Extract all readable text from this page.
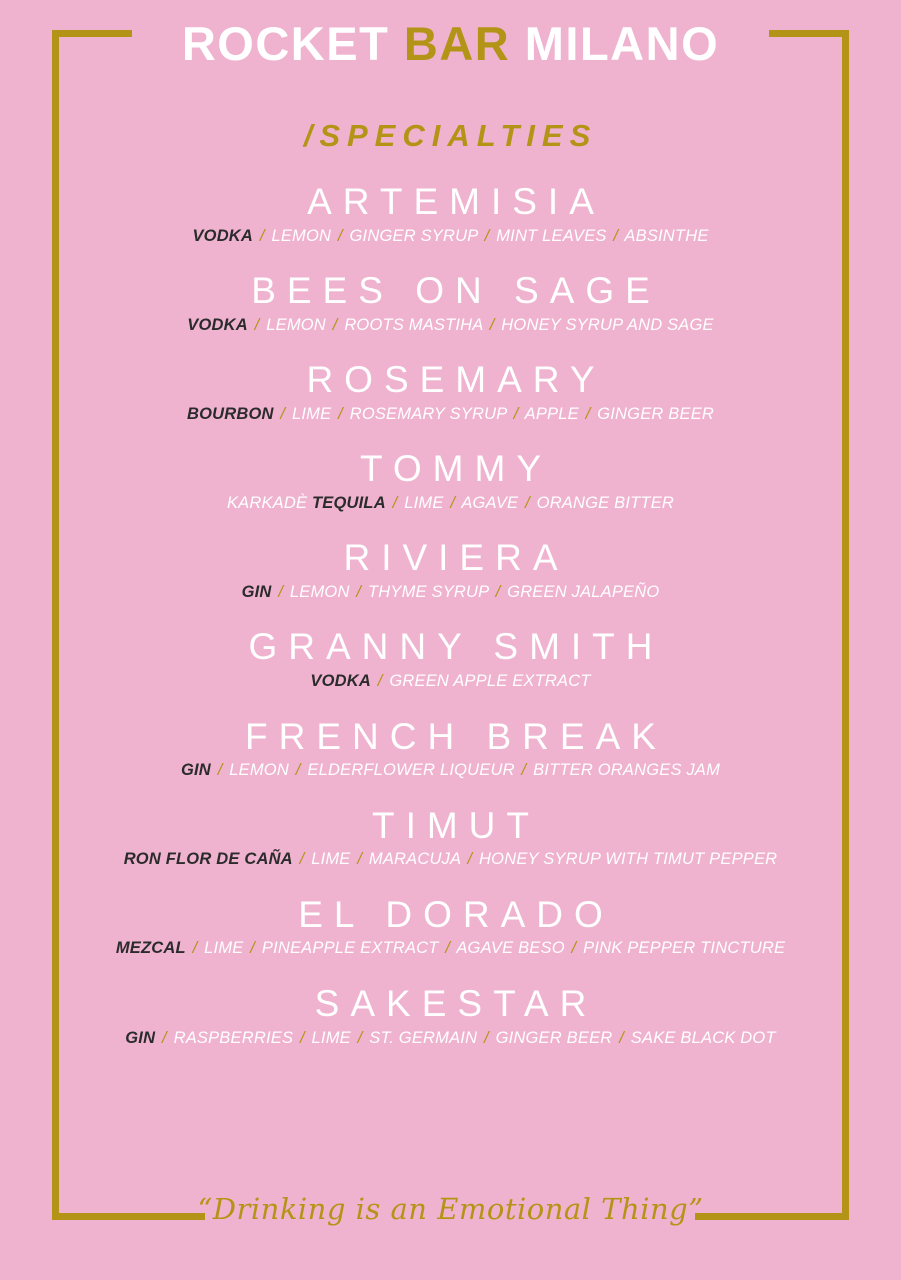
ROCKET BAR MILANO
/SPECIALTIES
ARTEMISIA
VODKA / LEMON / GINGER SYRUP / MINT LEAVES / ABSINTHE
BEES ON SAGE
VODKA / LEMON / ROOTS MASTIHA / HONEY SYRUP AND SAGE
ROSEMARY
BOURBON / LIME / ROSEMARY SYRUP / APPLE / GINGER BEER
TOMMY
KARKADÈ TEQUILA / LIME / AGAVE / ORANGE BITTER
RIVIERA
GIN / LEMON / THYME SYRUP / GREEN JALAPEÑO
GRANNY SMITH
VODKA / GREEN APPLE EXTRACT
FRENCH BREAK
GIN / LEMON / ELDERFLOWER LIQUEUR / BITTER ORANGES JAM
TIMUT
RON FLOR DE CAÑA / LIME / MARACUJA / HONEY SYRUP WITH TIMUT PEPPER
EL DORADO
MEZCAL / LIME / PINEAPPLE EXTRACT / AGAVE BESO / PINK PEPPER TINCTURE
SAKESTAR
GIN / RASPBERRIES / LIME / ST. GERMAIN / GINGER BEER / SAKE BLACK DOT
“Drinking is an Emotional Thing”
